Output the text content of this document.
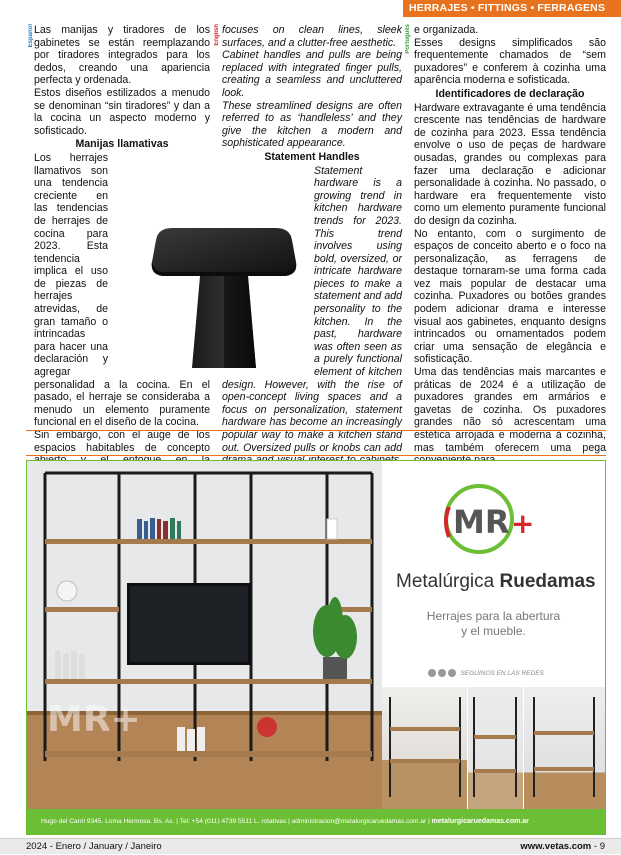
HERRAJES • FITTINGS • FERRAGENS
Español	English	Português

Las manijas y tiradores de los gabinetes se están reemplazando por tiradores integrados para los dedos, creando una apariencia perfecta y ordenada.

Estos diseños estilizados a menudo se denominan “sin tiradores” y dan a la cocina un aspecto moderno y sofisticado.

Manijas llamativas

Los herrajes llamativos son una tendencia creciente en las tendencias de herrajes de cocina para 2023. Esta tendencia implica el uso de piezas de herrajes atrevidas, de gran tamaño o intrincadas para hacer una declaración y agregar personalidad a la cocina. En el pasado, el herraje se consideraba a menudo un elemento puramente funcional en el diseño de la cocina.

Sin embargo, con el auge de los espacios habitables de concepto

focuses on clean lines, sleek surfaces, and a clutter-free aesthetic.

Cabinet handles and pulls are being replaced with integrated finger pulls, creating a seamless and uncluttered look.

These streamlined designs are often referred to as ‘handleless’ and they give the kitchen a modern and sophisticated appearance.

Statement Handles

Statement hardware is a growing trend in kitchen hardware trends for 2023. This trend involves using bold, oversized, or intricate hardware pieces to make a statement and add personality to the kitchen. In the past, hardware was often seen as a purely functional element of kitchen design. However, with the rise of open-concept living spaces and a focus on personalization, statement hardware has become an increasingly popular way to make a kitchen stand out. Oversized pulls or knobs can add

e organizada.

Esses designs simplificados são frequentemente chamados de “sem puxadores” e conferem à cozinha uma aparência moderna e sofisticada.

Identificadores de declaração

Hardware extravagante é uma tendência crescente nas tendências de hardware de cozinha para 2023. Essa tendência envolve o uso de peças de hardware ousadas, grandes ou complexas para fazer uma declaração e adicionar personalidade à cozinha. No passado, o hardware era frequentemente visto como um elemento puramente funcional do design da cozinha.

No entanto, com o surgimento de espaços de conceito aberto e o foco na personalização, as ferragens de destaque tornaram-se uma forma cada vez mais popular de destacar uma cozinha. Puxadores ou botões grandes podem adicionar drama e interesse visual aos gabinetes, enquanto designs intrincados ou ornamentados podem criar uma sensação de elegância e sofisticação.

Uma das tendências mais marcantes e práticas de 2024 é a utilização de puxadores grandes em armários e gavetas de cozinha. Os puxadores grandes não só acrescentam uma estética arrojada e moderna à cozinha, mas também oferecem uma pega

MR+
MR +
Metalúrgica Ruedamas
Herrajes para la abertura
y el mueble.
SEGUINOS EN LAS REDES
Hugo del Carril 9345. Loma Hermosa. Bs. As. | Tel: +54 (011) 4739 5511 L. rotativas | administracion@metalurgicaruedamas.com.ar | metalurgicaruedamas.com.ar
2024 - Enero / January / Janeiro	www.vetas.com - 9
